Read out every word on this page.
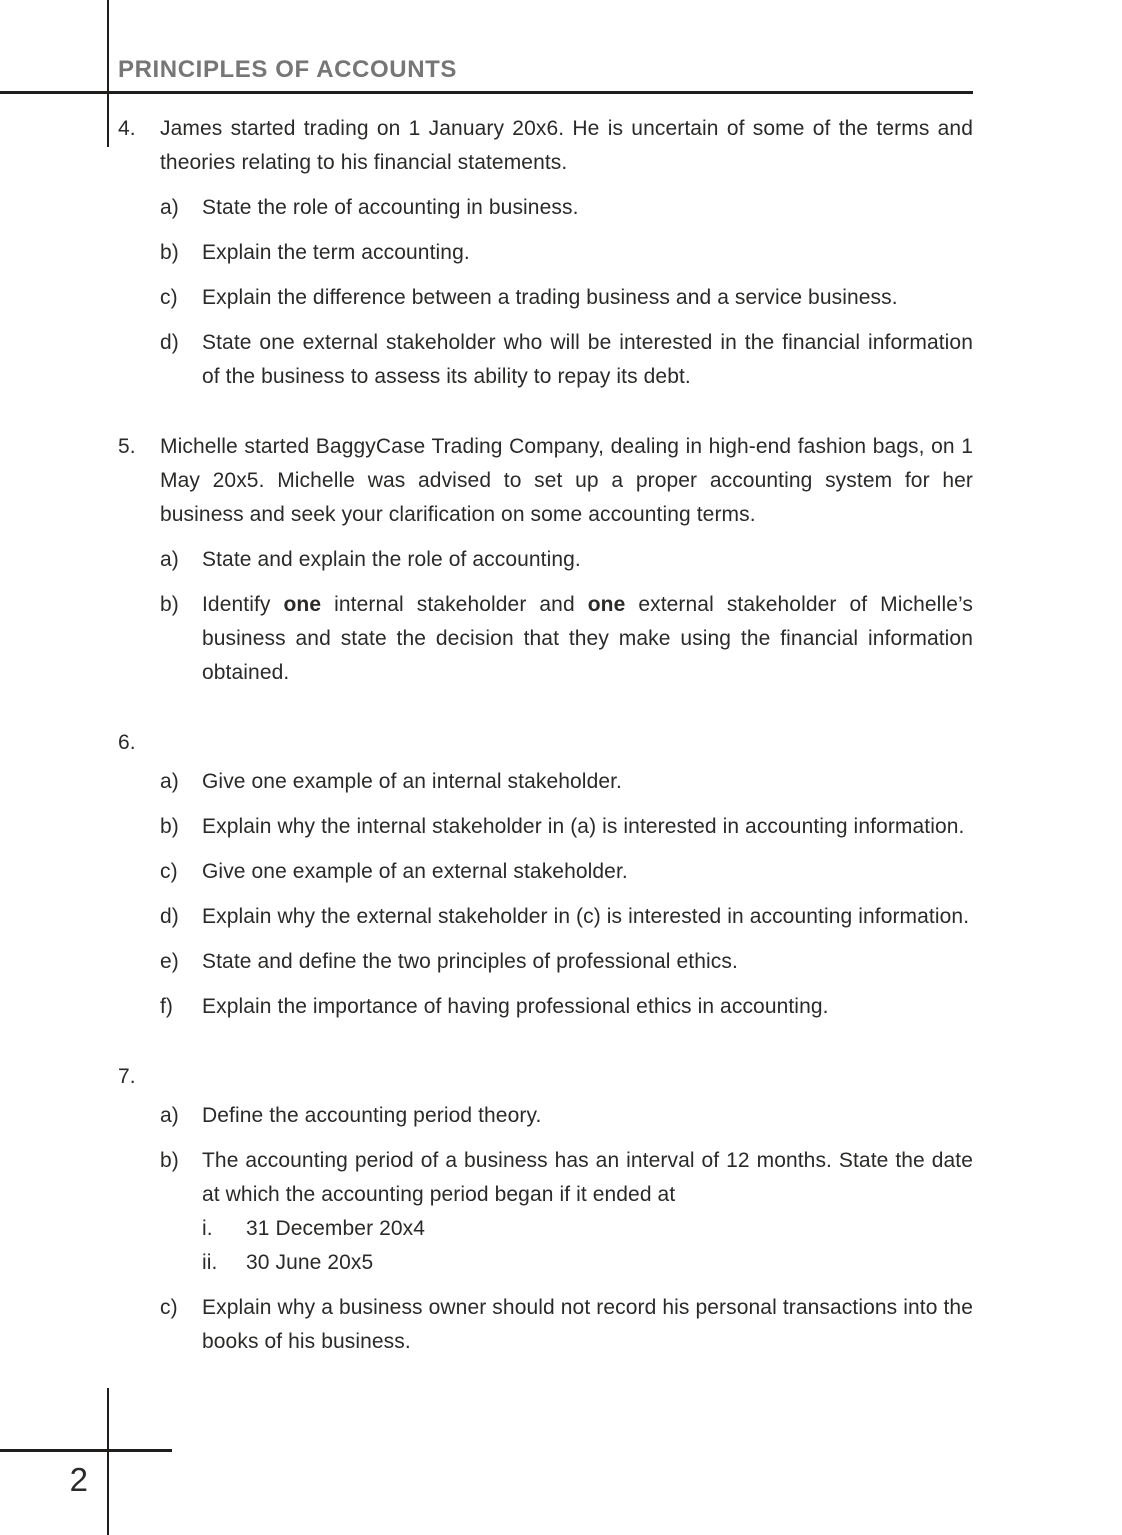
PRINCIPLES OF ACCOUNTS
4.	James started trading on 1 January 20x6. He is uncertain of some of the terms and theories relating to his financial statements.

a)	State the role of accounting in business.

b)	Explain the term accounting.

c)	Explain the difference between a trading business and a service business.

d)	State one external stakeholder who will be interested in the financial information of the business to assess its ability to repay its debt.

5.	Michelle started BaggyCase Trading Company, dealing in high-end fashion bags, on 1 May 20x5. Michelle was advised to set up a proper accounting system for her business and seek your clarification on some accounting terms.

a)	State and explain the role of accounting.

b)	Identify one internal stakeholder and one external stakeholder of Michelle’s business and state the decision that they make using the financial information obtained.

6.

a)	Give one example of an internal stakeholder.

b)	Explain why the internal stakeholder in (a) is interested in accounting information.

c)	Give one example of an external stakeholder.

d)	Explain why the external stakeholder in (c) is interested in accounting information.

e)	State and define the two principles of professional ethics.

f)	Explain the importance of having professional ethics in accounting.

7.

a)	Define the accounting period theory.

b)	The accounting period of a business has an interval of 12 months. State the date at which the accounting period began if it ended at

i.	31 December 20x4

ii.	30 June 20x5

c)	Explain why a business owner should not record his personal transactions into the books of his business.

2
